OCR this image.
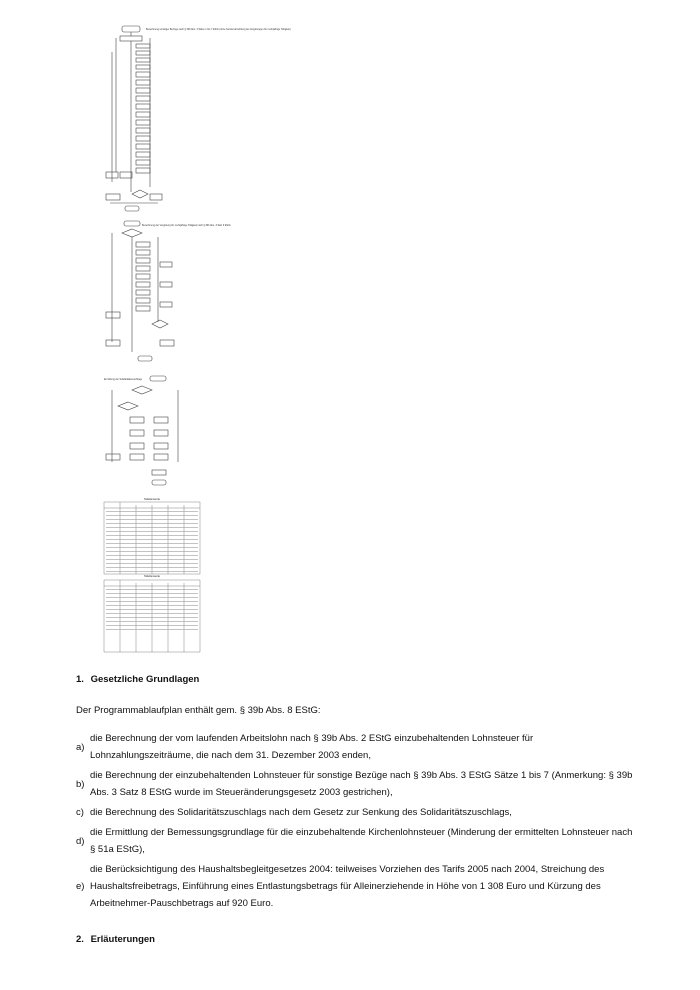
Berechnung sonstiger Bezüge nach § 39b Abs. 3 Sätze 1 bis 7 EStG (ohne Sonder-Ermittlung bei Vergütungen für mehrjährige Tätigkeit)
Berechnung der Vergütung für mehrjährige Tätigkeit nach § 39b Abs. 3 Satz 9 EStG
Ermittlung der Solidaritätszuschlags
Tabellenwerte
Tabellenwerte
1. Gesetzliche Grundlagen
Der Programmablaufplan enthält gem. § 39b Abs. 8 EStG:
a)
die Berechnung der vom laufenden Arbeitslohn nach § 39b Abs. 2 EStG einzubehaltenden Lohnsteuer für Lohnzahlungszeiträume, die nach dem 31. Dezember 2003 enden,
b)
die Berechnung der einzubehaltenden Lohnsteuer für sonstige Bezüge nach § 39b Abs. 3 EStG Sätze 1 bis 7 (Anmerkung: § 39b Abs. 3 Satz 8 EStG wurde im Steueränderungsgesetz 2003 gestrichen),
c) die Berechnung des Solidaritätszuschlags nach dem Gesetz zur Senkung des Solidaritätszuschlags,
d)
die Ermittlung der Bemessungsgrundlage für die einzubehaltende Kirchenlohnsteuer (Minderung der ermittelten Lohnsteuer nach § 51a EStG),
e)
die Berücksichtigung des Haushaltsbegleitgesetzes 2004: teilweises Vorziehen des Tarifs 2005 nach 2004, Streichung des Haushaltsfreibetrags, Einführung eines Entlastungsbetrags für Alleinerziehende in Höhe von 1 308 Euro und Kürzung des Arbeitnehmer-Pauschbetrags auf 920 Euro.
2. Erläuterungen
